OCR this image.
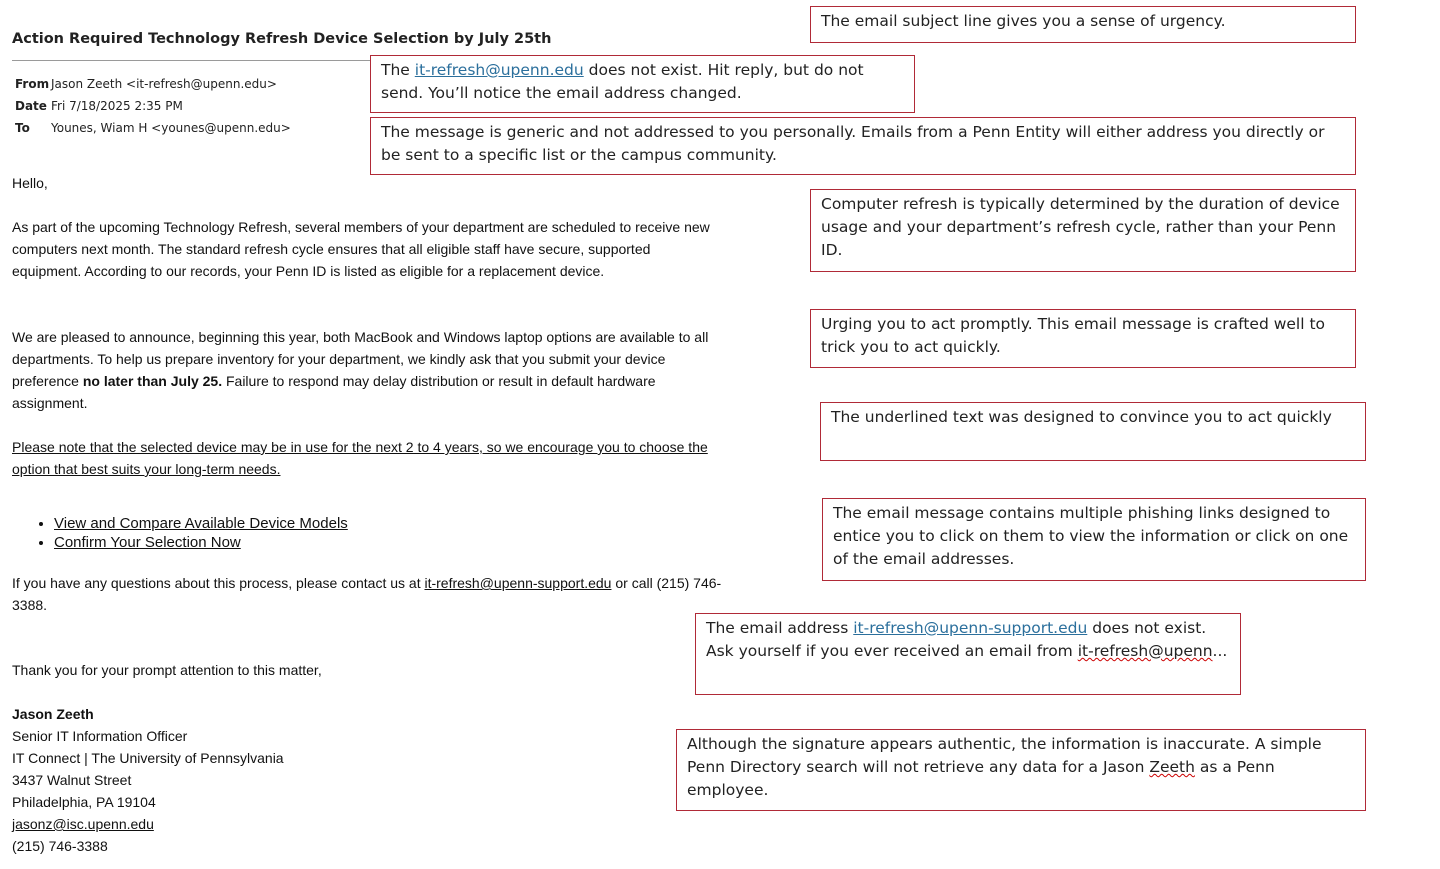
Action Required Technology Refresh Device Selection by July 25th
From Jason Zeeth <it-refresh@upenn.edu>
Date Fri 7/18/2025 2:35 PM
To Younes, Wiam H <younes@upenn.edu>
Hello,

As part of the upcoming Technology Refresh, several members of your department are scheduled to receive new computers next month. The standard refresh cycle ensures that all eligible staff have secure, supported equipment. According to our records, your Penn ID is listed as eligible for a replacement device.

We are pleased to announce, beginning this year, both MacBook and Windows laptop options are available to all departments. To help us prepare inventory for your department, we kindly ask that you submit your device preference no later than July 25. Failure to respond may delay distribution or result in default hardware assignment.

Please note that the selected device may be in use for the next 2 to 4 years, so we encourage you to choose the option that best suits your long-term needs.
• View and Compare Available Device Models
• Confirm Your Selection Now

If you have any questions about this process, please contact us at it-refresh@upenn-support.edu or call (215) 746-3388.

Thank you for your prompt attention to this matter,
Jason Zeeth
Senior IT Information Officer
IT Connect | The University of Pennsylvania
3437 Walnut Street
Philadelphia, PA 19104
jasonz@isc.upenn.edu
(215) 746-3388
The email subject line gives you a sense of urgency.
The it-refresh@upenn.edu does not exist. Hit reply, but do not send. You’ll notice the email address changed.
The message is generic and not addressed to you personally. Emails from a Penn Entity will either address you directly or be sent to a specific list or the campus community.
Computer refresh is typically determined by the duration of device usage and your department’s refresh cycle, rather than your Penn ID.
Urging you to act promptly. This email message is crafted well to trick you to act quickly.
The underlined text was designed to convince you to act quickly
The email message contains multiple phishing links designed to entice you to click on them to view the information or click on one of the email addresses.
The email address it-refresh@upenn-support.edu does not exist. Ask yourself if you ever received an email from it-refresh@upenn...
Although the signature appears authentic, the information is inaccurate. A simple Penn Directory search will not retrieve any data for a Jason Zeeth as a Penn employee.
